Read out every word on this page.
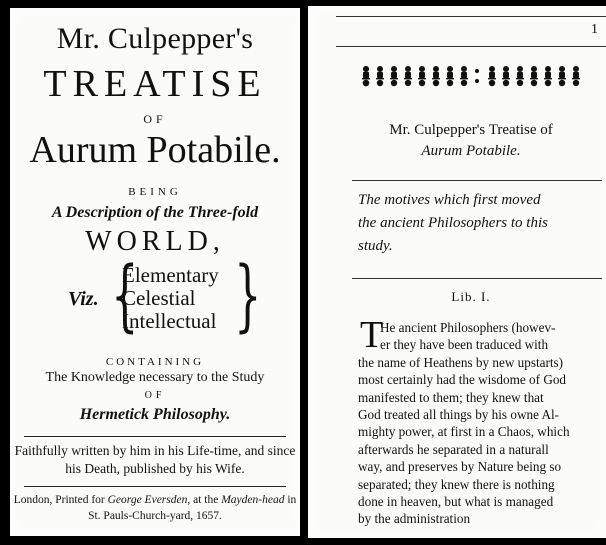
Mr. Culpepper's
TREATISE
OF
Aurum Potabile.
BEING
A Description of the Three-fold
WORLD,
Viz. {
Elementary
Celestial
Intellectual }
CONTAINING
The Knowledge necessary to the Study
OF
Hermetick Philosophy.
Faithfully written by him in his Life-time, and since his Death, published by his Wife.
London, Printed for George Eversden, at the Mayden-head in St. Pauls-Church-yard, 1657.
1
Mr. Culpepper's Treatise of
Aurum Potabile.
The motives which first moved
the ancient Philosophers to this
study.
Lib. I.
T
He ancient Philosophers (howev-
er they have been traduced with
the name of Heathens by new upstarts)
most certainly had the wisdome of God
manifested to them; they knew that
God treated all things by his owne Al-
mighty power, at first in a Chaos, which
afterwards he separated in a naturall
way, and preserves by Nature being so
separated; they knew there is nothing
done in heaven, but what is managed
by the administration
